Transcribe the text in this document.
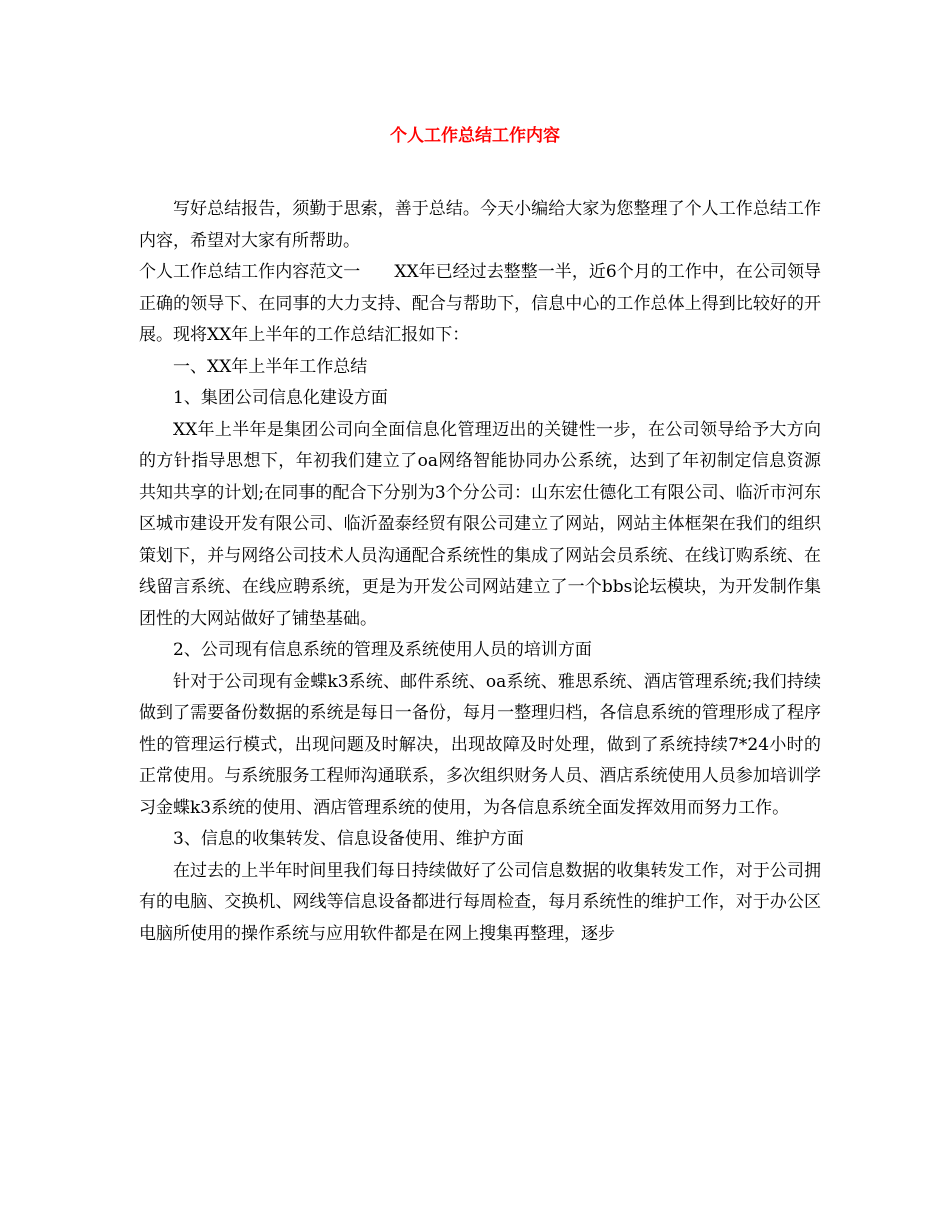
个人工作总结工作内容

写好总结报告，须勤于思索，善于总结。今天小编给大家为您整理了个人工作总结工作内容，希望对大家有所帮助。

个人工作总结工作内容范文一　　XX年已经过去整整一半，近6个月的工作中，在公司领导正确的领导下、在同事的大力支持、配合与帮助下，信息中心的工作总体上得到比较好的开展。现将XX年上半年的工作总结汇报如下：

一、XX年上半年工作总结

1、集团公司信息化建设方面

XX年上半年是集团公司向全面信息化管理迈出的关键性一步，在公司领导给予大方向的方针指导思想下，年初我们建立了oa网络智能协同办公系统，达到了年初制定信息资源共知共享的计划;在同事的配合下分别为3个分公司：山东宏仕德化工有限公司、临沂市河东区城市建设开发有限公司、临沂盈泰经贸有限公司建立了网站，网站主体框架在我们的组织策划下，并与网络公司技术人员沟通配合系统性的集成了网站会员系统、在线订购系统、在线留言系统、在线应聘系统，更是为开发公司网站建立了一个bbs论坛模块，为开发制作集团性的大网站做好了铺垫基础。

2、公司现有信息系统的管理及系统使用人员的培训方面

针对于公司现有金蝶k3系统、邮件系统、oa系统、雅思系统、酒店管理系统;我们持续做到了需要备份数据的系统是每日一备份，每月一整理归档，各信息系统的管理形成了程序性的管理运行模式，出现问题及时解决，出现故障及时处理，做到了系统持续7*24小时的正常使用。与系统服务工程师沟通联系，多次组织财务人员、酒店系统使用人员参加培训学习金蝶k3系统的使用、酒店管理系统的使用，为各信息系统全面发挥效用而努力工作。

3、信息的收集转发、信息设备使用、维护方面

在过去的上半年时间里我们每日持续做好了公司信息数据的收集转发工作，对于公司拥有的电脑、交换机、网线等信息设备都进行每周检查，每月系统性的维护工作，对于办公区电脑所使用的操作系统与应用软件都是在网上搜集再整理，逐步
